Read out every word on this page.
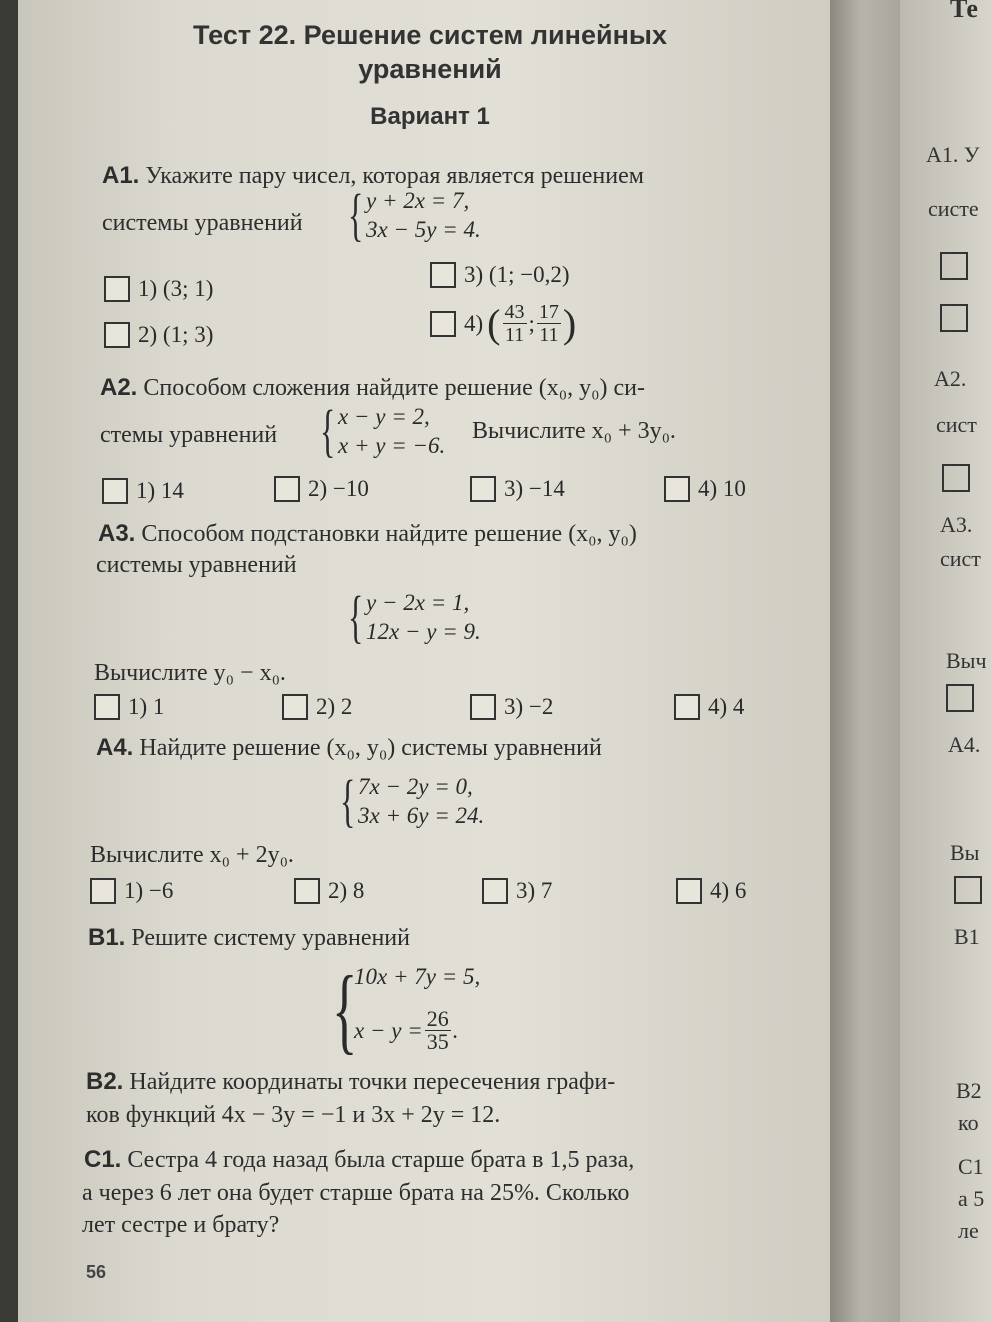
Те
А1. У
систе
А2.
сист
А3.
сист
Выч
А4.
Вы
В1
В2
ко
С1
а 5
ле
Тест 22. Решение систем линейных
уравнений
Вариант 1
А1. Укажите пару чисел, которая является решением
системы уравнений { y + 2x = 7,
3x − 5y = 4.
1) (3; 1)
2) (1; 3)
3) (1; −0,2)
4) ( $\frac{43}{11}$ ; $\frac{17}{11}$ )
А2. Способом сложения найдите решение (x₀, y₀) си-
стемы уравнений { x − y = 2,
x + y = −6.
Вычислите x₀ + 3y₀.
1) 14	2) −10	3) −14	4) 10
А3. Способом подстановки найдите решение (x₀, y₀)
системы уравнений
{ y − 2x = 1,
12x − y = 9.
Вычислите y₀ − x₀.
1) 1	2) 2	3) −2	4) 4
А4. Найдите решение (x₀, y₀) системы уравнений
{ 7x − 2y = 0,
3x + 6y = 24.
Вычислите x₀ + 2y₀.
1) −6	2) 8	3) 7	4) 6
В1. Решите систему уравнений
{
10x + 7y = 5,
$x - y = \frac{26}{35}$ .
В2. Найдите координаты точки пересечения графи-
ков функций 4x − 3y = −1 и 3x + 2y = 12.
С1. Сестра 4 года назад была старше брата в 1,5 раза,
а через 6 лет она будет старше брата на 25%. Сколько
лет сестре и брату?
56
